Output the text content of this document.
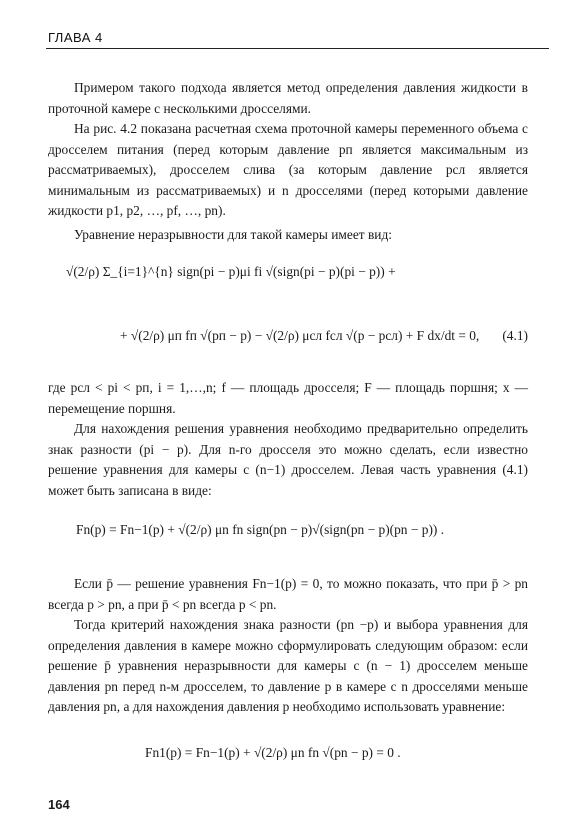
ГЛАВА 4
Примером такого подхода является метод определения давления жидкости в проточной камере с несколькими дросселями.
На рис. 4.2 показана расчетная схема проточной камеры переменного объема с дросселем питания (перед которым давление pп является максимальным из рассматриваемых), дросселем слива (за которым давление pсл является минимальным из рассматриваемых) и n дросселями (перед которыми давление жидкости p1, p2, …, pf, …, pn).
Уравнение неразрывности для такой камеры имеет вид:
√(2/ρ) Σ_{i=1}^{n} sign(pi − p)μi fi √(sign(pi − p)(pi − p)) +
+ √(2/ρ) μп fп √(pп − p) − √(2/ρ) μсл fсл √(p − pсл) + F dx/dt = 0, (4.1)
где pсл < pi < pп, i = 1,…,n; f — площадь дросселя; F — площадь поршня; x — перемещение поршня.
Для нахождения решения уравнения необходимо предварительно определить знак разности (pi − p). Для n-го дросселя это можно сделать, если известно решение уравнения для камеры с (n−1) дросселем. Левая часть уравнения (4.1) может быть записана в виде:
Fn(p) = Fn−1(p) + √(2/ρ) μn fn sign(pn − p)√(sign(pn − p)(pn − p)) .
Если p̄ — решение уравнения Fn−1(p) = 0, то можно показать, что при p̄ > pn всегда p > pn, а при p̄ < pn всегда p < pn.
Тогда критерий нахождения знака разности (pn −p) и выбора уравнения для определения давления в камере можно сформулировать следующим образом: если решение p̄ уравнения неразрывности для камеры с (n − 1) дросселем меньше давления pn перед n-м дросселем, то давление p в камере с n дросселями меньше давления pn, а для нахождения давления p необходимо использовать уравнение:
Fn1(p) = Fn−1(p) + √(2/ρ) μn fn √(pn − p) = 0 .
164
